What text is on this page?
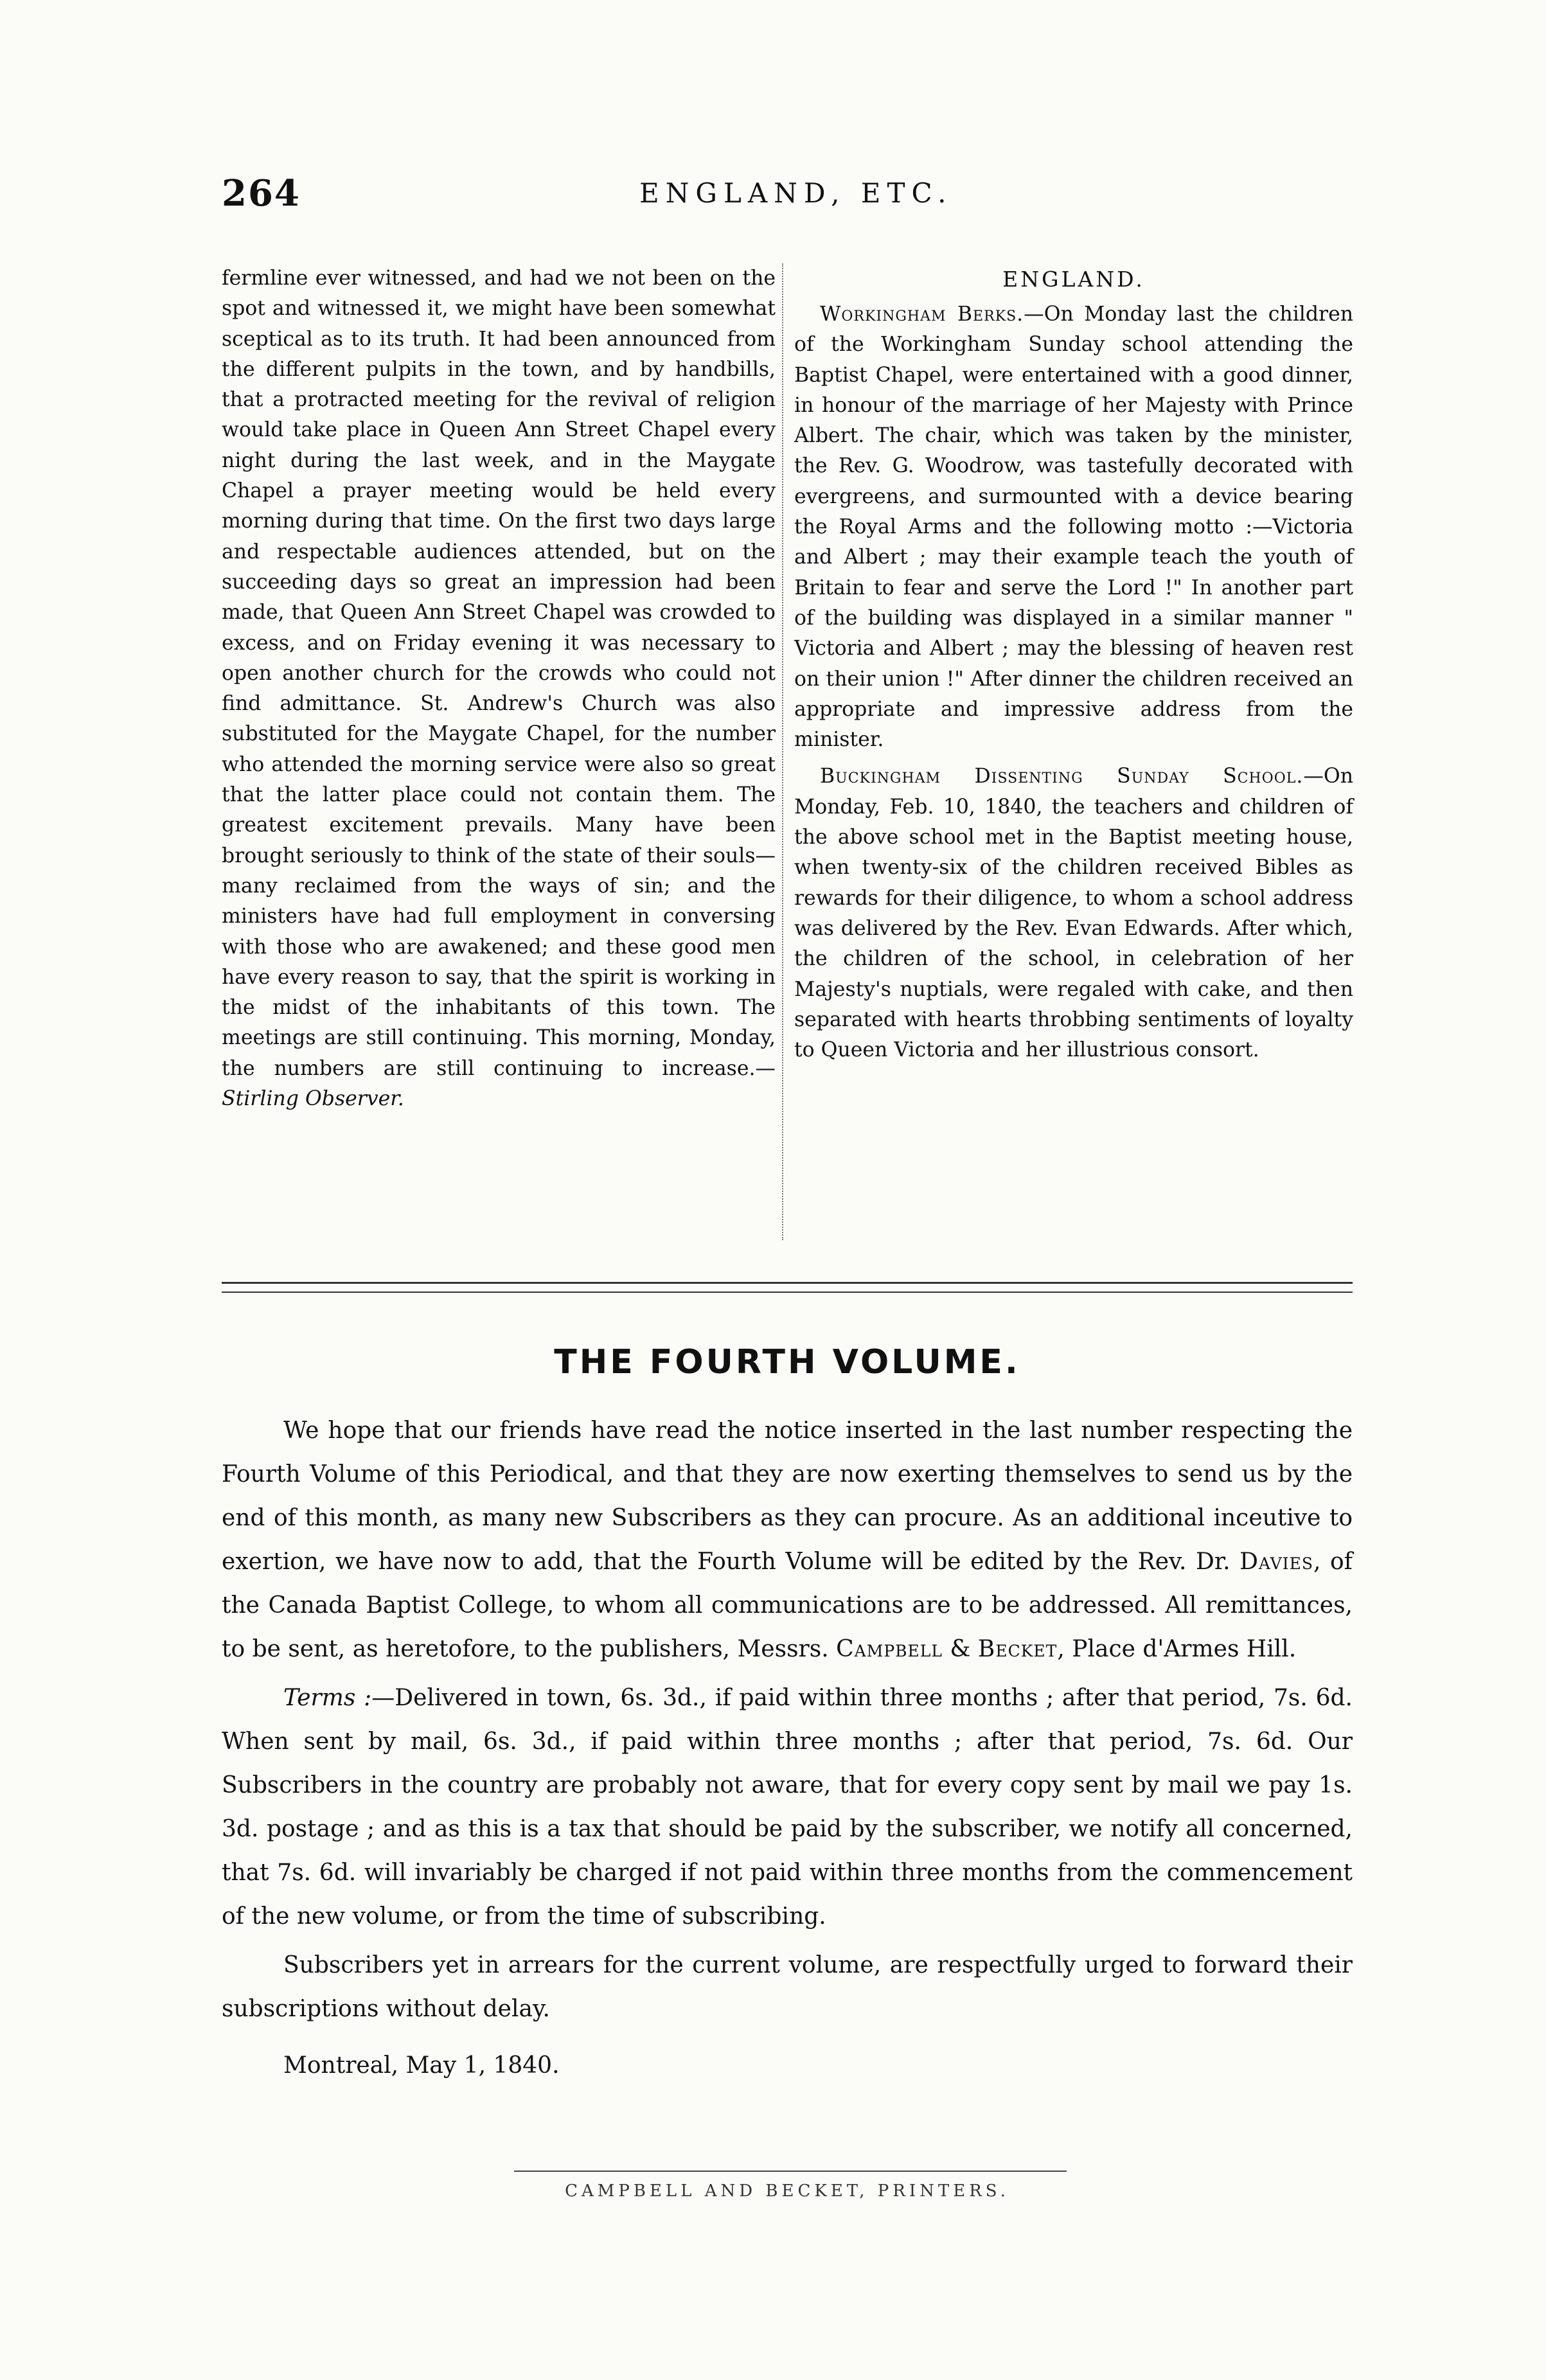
264	ENGLAND, ETC.

fermline ever witnessed, and had we not been on the spot and witnessed it, we might have been somewhat sceptical as to its truth. It had been announced from the different pulpits in the town, and by handbills, that a protracted meeting for the revival of religion would take place in Queen Ann Street Chapel every night during the last week, and in the Maygate Chapel a prayer meeting would be held every morning during that time. On the first two days large and respectable audiences attended, but on the succeeding days so great an impression had been made, that Queen Ann Street Chapel was crowded to excess, and on Friday evening it was necessary to open another church for the crowds who could not find admittance. St. Andrew's Church was also substituted for the Maygate Chapel, for the number who attended the morning service were also so great that the latter place could not contain them. The greatest excitement prevails. Many have been brought seriously to think of the state of their souls—many reclaimed from the ways of sin; and the ministers have had full employment in conversing with those who are awakened; and these good men have every reason to say, that the spirit is working in the midst of the inhabitants of this town. The meetings are still continuing. This morning, Monday, the numbers are still continuing to increase.—Stirling Observer.

ENGLAND.

Workingham Berks.—On Monday last the children of the Workingham Sunday school attending the Baptist Chapel, were entertained with a good dinner, in honour of the marriage of her Majesty with Prince Albert. The chair, which was taken by the minister, the Rev. G. Woodrow, was tastefully decorated with evergreens, and surmounted with a device bearing the Royal Arms and the following motto :—Victoria and Albert ; may their example teach the youth of Britain to fear and serve the Lord !" In another part of the building was displayed in a similar manner " Victoria and Albert ; may the blessing of heaven rest on their union !" After dinner the children received an appropriate and impressive address from the minister.

Buckingham Dissenting Sunday School.—On Monday, Feb. 10, 1840, the teachers and children of the above school met in the Baptist meeting house, when twenty-six of the children received Bibles as rewards for their diligence, to whom a school address was delivered by the Rev. Evan Edwards. After which, the children of the school, in celebration of her Majesty's nuptials, were regaled with cake, and then separated with hearts throbbing sentiments of loyalty to Queen Victoria and her illustrious consort.

THE FOURTH VOLUME.

We hope that our friends have read the notice inserted in the last number respecting the Fourth Volume of this Periodical, and that they are now exerting themselves to send us by the end of this month, as many new Subscribers as they can procure. As an additional inceutive to exertion, we have now to add, that the Fourth Volume will be edited by the Rev. Dr. Davies, of the Canada Baptist College, to whom all communications are to be addressed. All remittances, to be sent, as heretofore, to the publishers, Messrs. Campbell & Becket, Place d'Armes Hill.

Terms :—Delivered in town, 6s. 3d., if paid within three months ; after that period, 7s. 6d. When sent by mail, 6s. 3d., if paid within three months ; after that period, 7s. 6d. Our Subscribers in the country are probably not aware, that for every copy sent by mail we pay 1s. 3d. postage ; and as this is a tax that should be paid by the subscriber, we notify all concerned, that 7s. 6d. will invariably be charged if not paid within three months from the commencement of the new volume, or from the time of subscribing.

Subscribers yet in arrears for the current volume, are respectfully urged to forward their subscriptions without delay.

Montreal, May 1, 1840.

CAMPBELL AND BECKET, PRINTERS.
